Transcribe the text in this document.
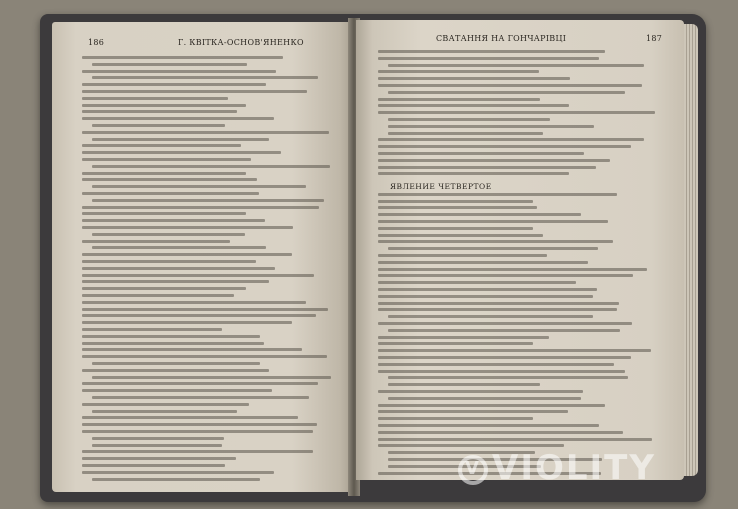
186	Г. КВІТКА-ОСНОВ'ЯНЕНКО	СВАТАННЯ НА ГОНЧАРІВЦІ	187
ЯВЛЕНИЕ ЧЕТВЕРТОЕ
V VIOLITY
